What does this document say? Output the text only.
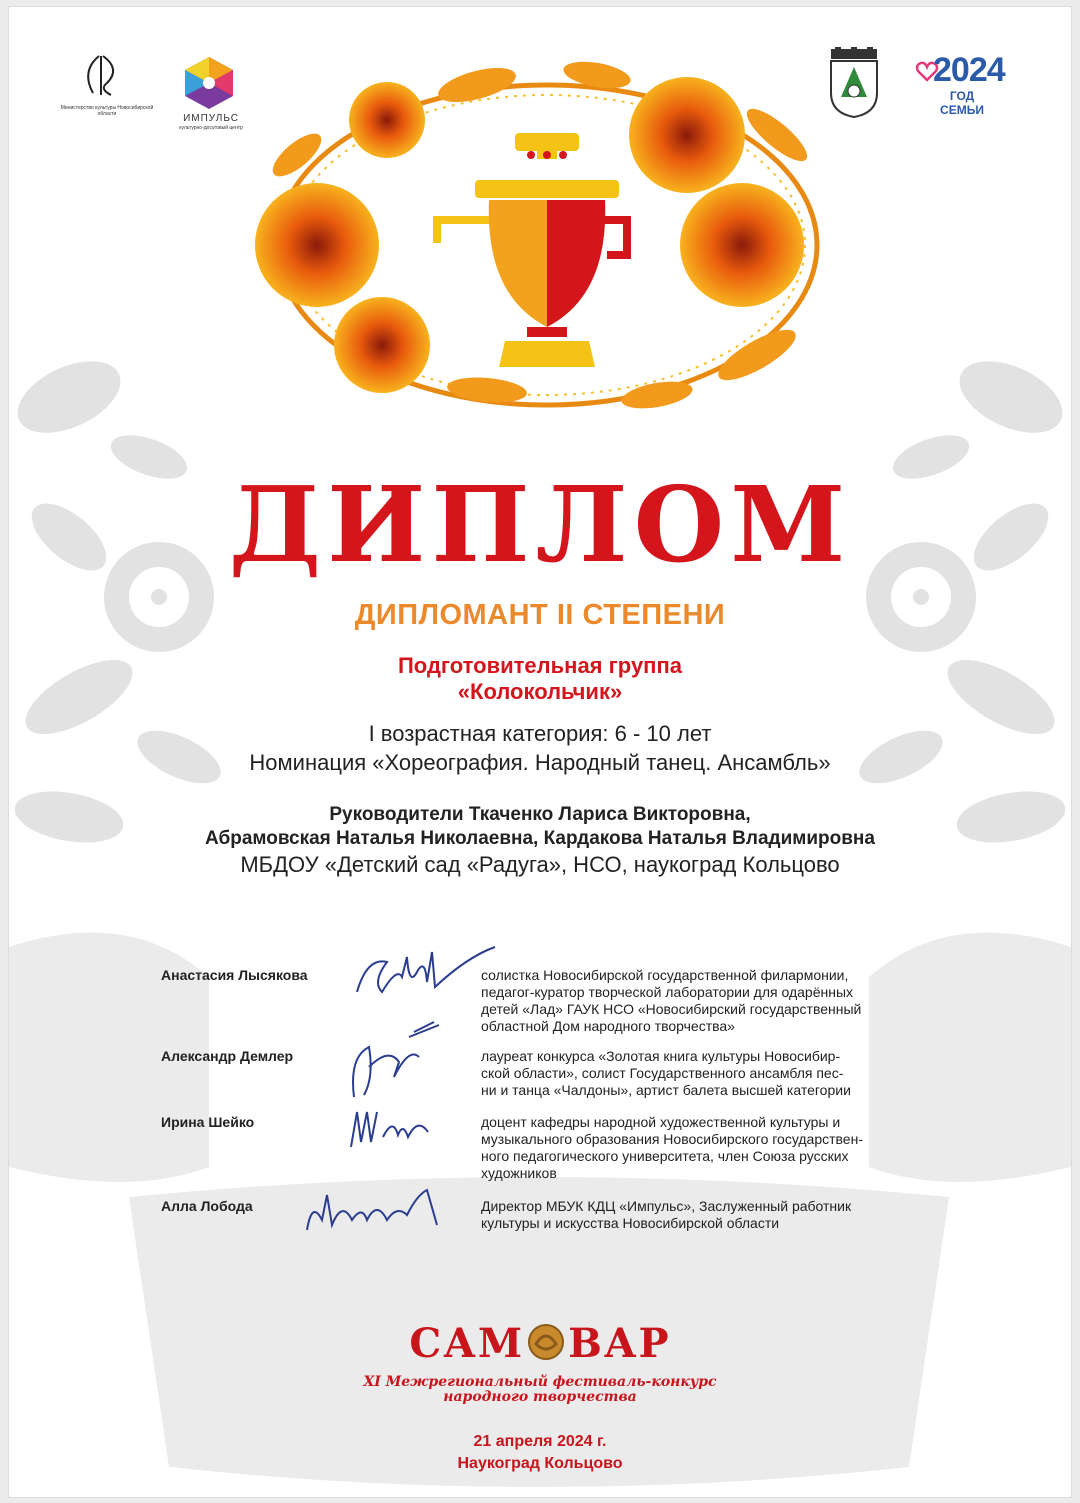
Министерство культуры Новосибирской области	ИМПУЛЬС
культурно-досуговый центр
2024
ГОД СЕМЬИ
ДИПЛОМ
ДИПЛОМАНТ II СТЕПЕНИ
Подготовительная группа
«Колокольчик»
I возрастная категория: 6 - 10 лет
Номинация «Хореография. Народный танец. Ансамбль»
Руководители Ткаченко Лариса Викторовна,
Абрамовская Наталья Николаевна, Кардакова Наталья Владимировна
МБДОУ «Детский сад «Радуга», НСО, наукоград Кольцово
Анастасия Лысякова	солистка Новосибирской государственной филармонии,
педагог-куратор творческой лаборатории для одарённых
детей «Лад» ГАУК НСО «Новосибирский государственный
областной Дом народного творчества»
Александр Демлер	лауреат конкурса «Золотая книга культуры Новосибир-
ской области», солист Государственного ансамбля пес-
ни и танца «Чалдоны», артист балета высшей категории
Ирина Шейко	доцент кафедры народной художественной культуры и
музыкального образования Новосибирского государствен-
ного педагогического университета, член Союза русских
художников
Алла Лобода	Директор МБУК КДЦ «Импульс», Заслуженный работник
культуры и искусства Новосибирской области
САМ ВАР
XI Межрегиональный фестиваль-конкурс
народного творчества
21 апреля 2024 г.
Наукоград Кольцово
